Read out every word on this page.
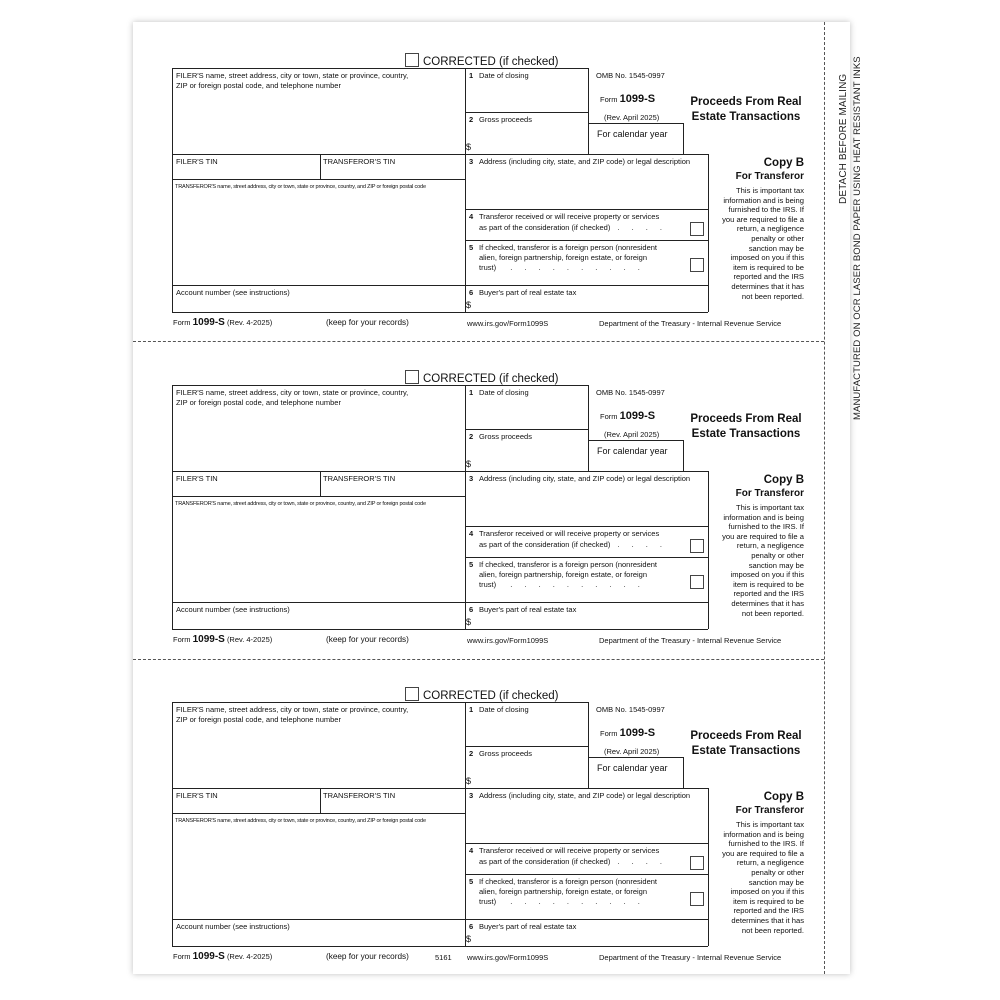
DETACH BEFORE MAILING MANUFACTURED ON OCR LASER BOND PAPER USING HEAT RESISTANT INKS
CORRECTED (if checked)
FILER'S name, street address, city or town, state or province, country,
ZIP or foreign postal code, and telephone number
1 Date of closing	OMB No. 1545-0997
Form 1099-S
(Rev. April 2025)
For calendar year
2 Gross proceeds
$
Proceeds From Real
Estate Transactions
FILER'S TIN	TRANSFEROR'S TIN	3 Address (including city, state, and ZIP code) or legal description
TRANSFEROR'S name, street address, city or town, state or province, country, and ZIP or foreign postal code
Copy B
For Transferor
This is important tax
information and is being
furnished to the IRS. If
you are required to file a
return, a negligence
penalty or other
sanction may be
imposed on you if this
item is required to be
reported and the IRS
determines that it has
not been reported.
4 Transferor received or will receive property or services
as part of the consideration (if checked) . . . .
5 If checked, transferor is a foreign person (nonresident
alien, foreign partnership, foreign estate, or foreign
trust)  . . . . . . . . . .
Account number (see instructions)	6 Buyer's part of real estate tax
$
Form 1099-S (Rev. 4-2025)	(keep for your records)	www.irs.gov/Form1099S	Department of the Treasury - Internal Revenue Service
CORRECTED (if checked)
FILER'S name, street address, city or town, state or province, country,
ZIP or foreign postal code, and telephone number
1 Date of closing	OMB No. 1545-0997
Form 1099-S
(Rev. April 2025)
For calendar year
2 Gross proceeds
$
Proceeds From Real
Estate Transactions
FILER'S TIN	TRANSFEROR'S TIN	3 Address (including city, state, and ZIP code) or legal description
TRANSFEROR'S name, street address, city or town, state or province, country, and ZIP or foreign postal code
Copy B
For Transferor
This is important tax
information and is being
furnished to the IRS. If
you are required to file a
return, a negligence
penalty or other
sanction may be
imposed on you if this
item is required to be
reported and the IRS
determines that it has
not been reported.
4 Transferor received or will receive property or services
as part of the consideration (if checked) . . . .
5 If checked, transferor is a foreign person (nonresident
alien, foreign partnership, foreign estate, or foreign
trust)  . . . . . . . . . .
Account number (see instructions)	6 Buyer's part of real estate tax
$
Form 1099-S (Rev. 4-2025)	(keep for your records)	www.irs.gov/Form1099S	Department of the Treasury - Internal Revenue Service
CORRECTED (if checked)
FILER'S name, street address, city or town, state or province, country,
ZIP or foreign postal code, and telephone number
1 Date of closing	OMB No. 1545-0997
Form 1099-S
(Rev. April 2025)
For calendar year
2 Gross proceeds
$
Proceeds From Real
Estate Transactions
FILER'S TIN	TRANSFEROR'S TIN	3 Address (including city, state, and ZIP code) or legal description
TRANSFEROR'S name, street address, city or town, state or province, country, and ZIP or foreign postal code
Copy B
For Transferor
This is important tax
information and is being
furnished to the IRS. If
you are required to file a
return, a negligence
penalty or other
sanction may be
imposed on you if this
item is required to be
reported and the IRS
determines that it has
not been reported.
4 Transferor received or will receive property or services
as part of the consideration (if checked) . . . .
5 If checked, transferor is a foreign person (nonresident
alien, foreign partnership, foreign estate, or foreign
trust)  . . . . . . . . . .
Account number (see instructions)	6 Buyer's part of real estate tax
$
Form 1099-S (Rev. 4-2025)	(keep for your records)	5161 www.irs.gov/Form1099S	Department of the Treasury - Internal Revenue Service
